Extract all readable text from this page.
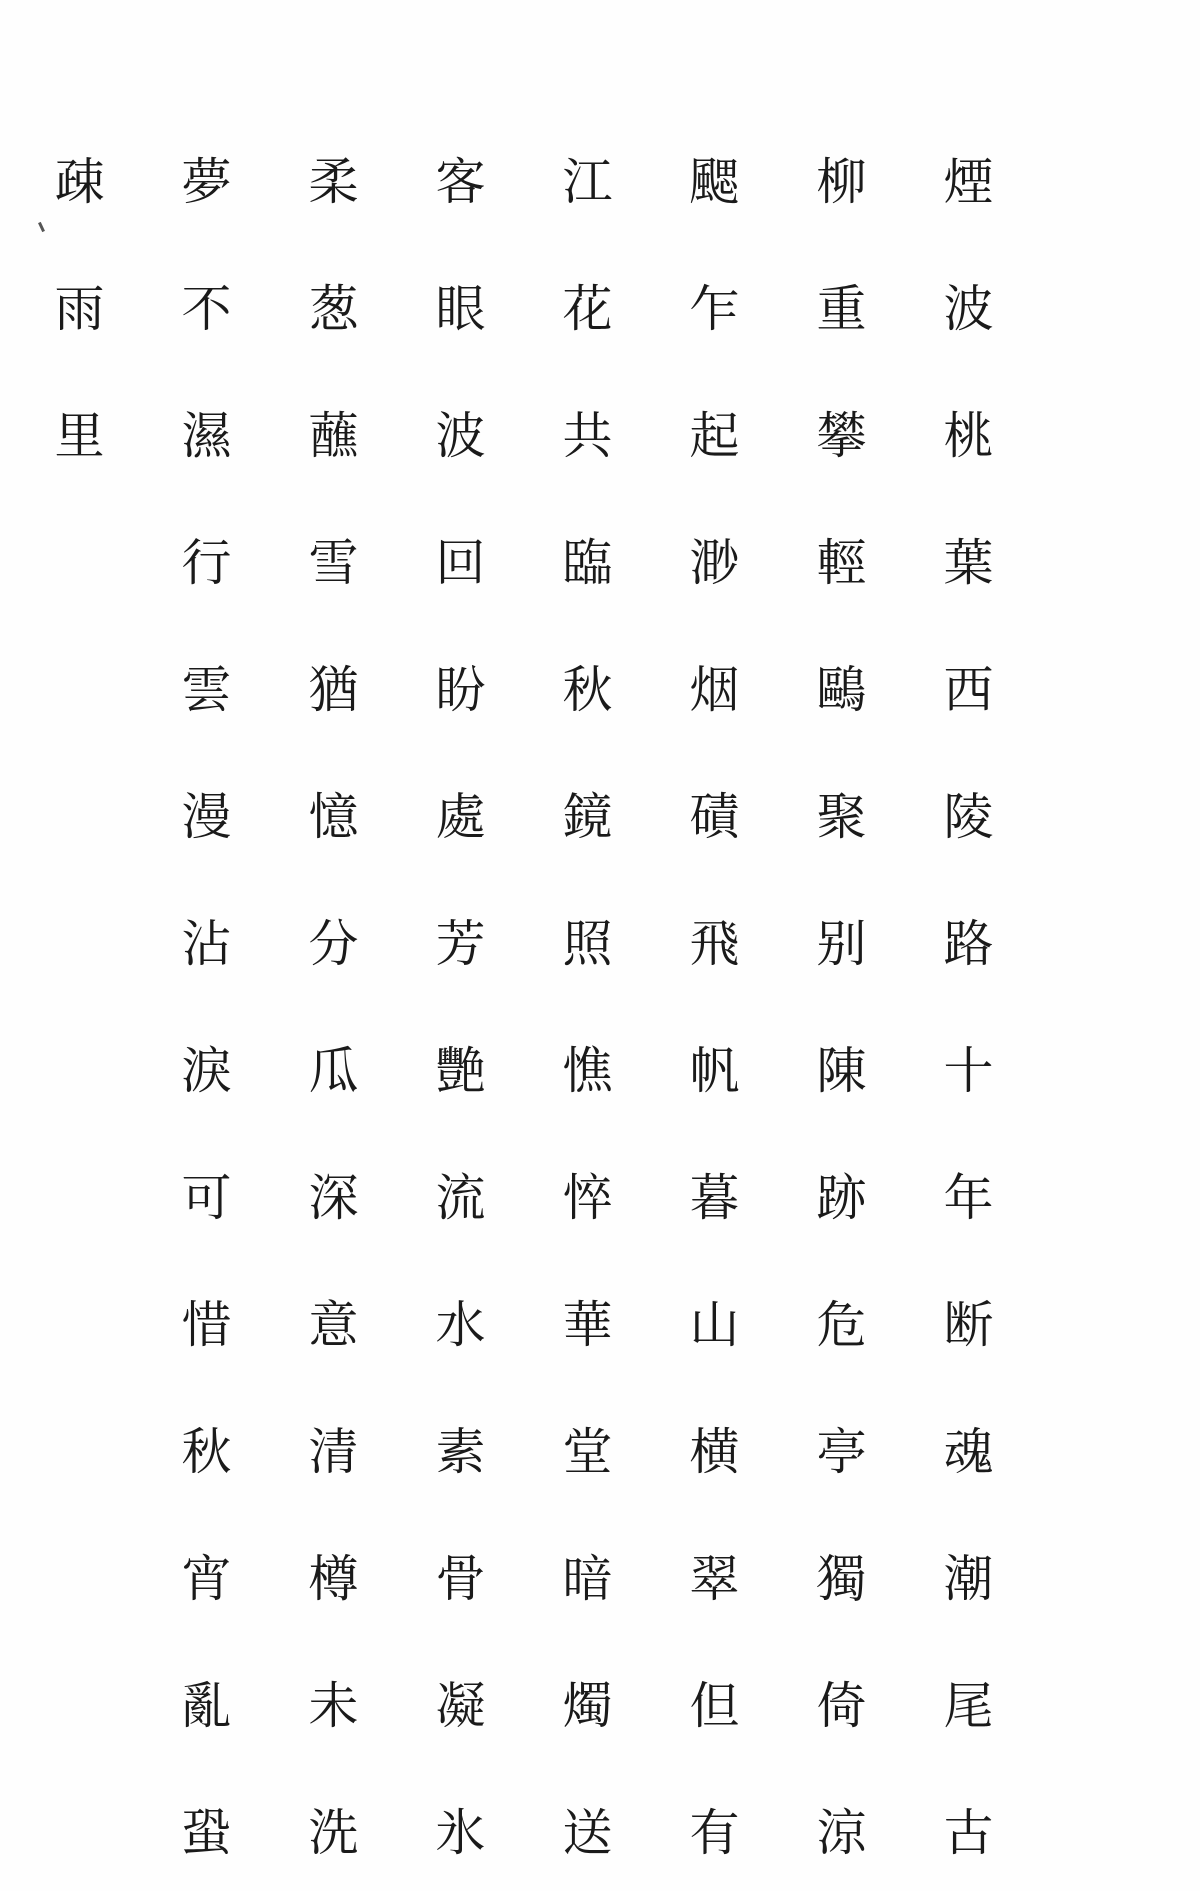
煙
波
桃
葉
西
陵
路
十
年
断
魂
潮
尾
古
柳
重
攀
輕
鷗
聚
别
陳
跡
危
亭
獨
倚
涼
颸
乍
起
渺
烟
磧
飛
帆
暮
山
横
翠
但
有
江
花
共
臨
秋
鏡
照
憔
悴
華
堂
暗
燭
送
客
眼
波
回
盼
處
芳
艷
流
水
素
骨
凝
氷
柔
葱
蘸
雪
猶
憶
分
瓜
深
意
清
樽
未
洗
夢
不
濕
行
雲
漫
沾
淚
可
惜
秋
宵
亂
蛩
疎
雨
里
